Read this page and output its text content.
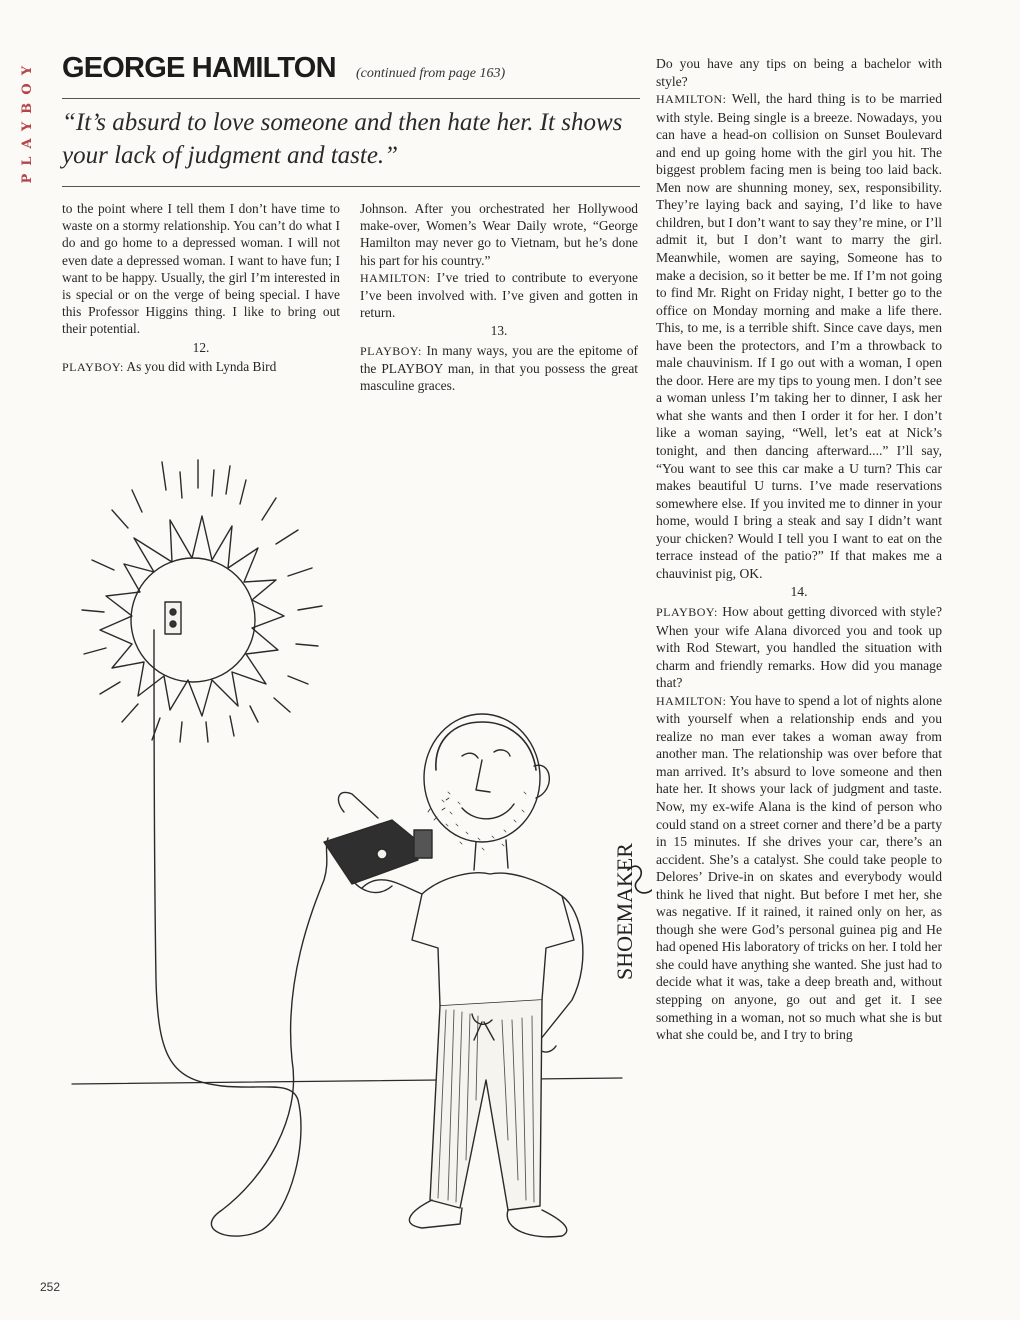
PLAYBOY GEORGE HAMILTON (continued from page 163)
“It’s absurd to love someone and then hate her. It shows your lack of judgment and taste.”

to the point where I tell them I don’t have time to waste on a stormy relationship. You can’t do what I do and go home to a depressed woman. I will not even date a depressed woman. I want to have fun; I want to be happy. Usually, the girl I’m interested in is special or on the verge of being special. I have this Professor Higgins thing. I like to bring out their potential.

12.

PLAYBOY: As you did with Lynda Bird

Johnson. After you orchestrated her Hollywood make-over, Women’s Wear Daily wrote, “George Hamilton may never go to Vietnam, but he’s done his part for his country.”

HAMILTON: I’ve tried to contribute to everyone I’ve been involved with. I’ve given and gotten in return.

13.

PLAYBOY: In many ways, you are the epitome of the PLAYBOY man, in that you possess the great masculine graces.

Do you have any tips on being a bachelor with style?

HAMILTON: Well, the hard thing is to be married with style. Being single is a breeze. Nowadays, you can have a head-on collision on Sunset Boulevard and end up going home with the girl you hit. The biggest problem facing men is being too laid back. Men now are shunning money, sex, responsibility. They’re laying back and saying, I’d like to have children, but I don’t want to say they’re mine, or I’ll admit it, but I don’t want to marry the girl. Meanwhile, women are saying, Someone has to make a decision, so it better be me. If I’m not going to find Mr. Right on Friday night, I better go to the office on Monday morning and make a life there. This, to me, is a terrible shift. Since cave days, men have been the protectors, and I’m a throwback to male chauvinism. If I go out with a woman, I open the door. Here are my tips to young men. I don’t see a woman unless I’m taking her to dinner, I ask her what she wants and then I order it for her. I don’t like a woman saying, “Well, let’s eat at Nick’s tonight, and then dancing afterward....” I’ll say, “You want to see this car make a U turn? This car makes beautiful U turns. I’ve made reservations somewhere else. If you invited me to dinner in your home, would I bring a steak and say I didn’t want your chicken? Would I tell you I want to eat on the terrace instead of the patio?” If that makes me a chauvinist pig, OK.

14.

PLAYBOY: How about getting divorced with style? When your wife Alana divorced you and took up with Rod Stewart, you handled the situation with charm and friendly remarks. How did you manage that?

HAMILTON: You have to spend a lot of nights alone with yourself when a relationship ends and you realize no man ever takes a woman away from another man. The relationship was over before that man arrived. It’s absurd to love someone and then hate her. It shows your lack of judgment and taste. Now, my ex-wife Alana is the kind of person who could stand on a street corner and there’d be a party in 15 minutes. If she drives your car, there’s an accident. She’s a catalyst. She could take people to Delores’ Drive-in on skates and everybody would think he lived that night. But before I met her, she was negative. If it rained, it rained only on her, as though she were God’s personal guinea pig and He had opened His laboratory of tricks on her. I told her she could have anything she wanted. She just had to decide what it was, take a deep breath and, without stepping on anyone, go out and get it. I see something in a woman, not so much what she is but what she could be, and I try to bring

SHOEMAKER
252
